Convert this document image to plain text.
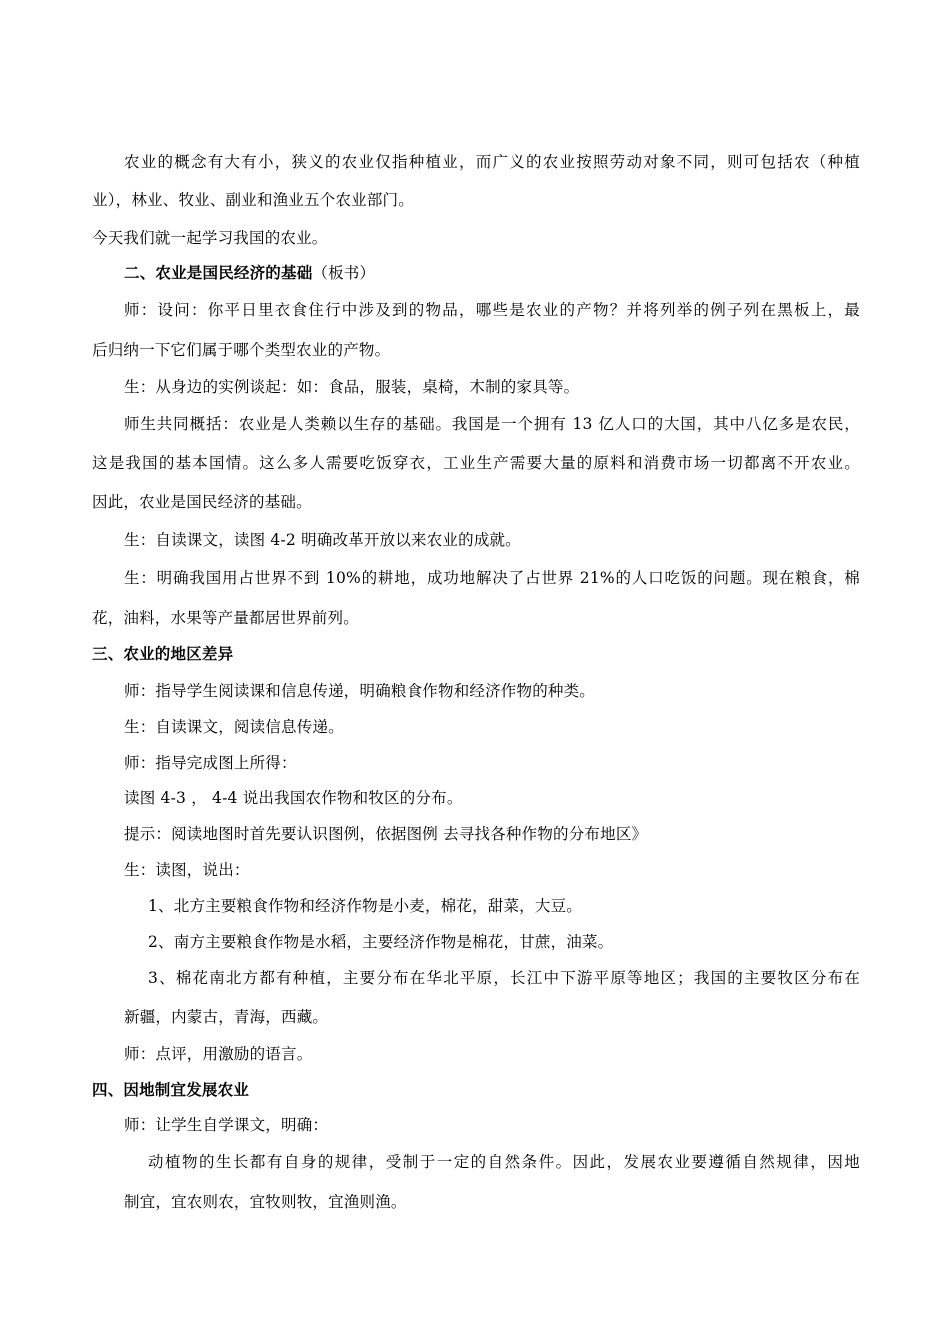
农业的概念有大有小，狭义的农业仅指种植业，而广义的农业按照劳动对象不同，则可包括农（种植
业），林业、牧业、副业和渔业五个农业部门。
今天我们就一起学习我国的农业。
二、农业是国民经济的基础（板书）
师：设问：你平日里衣食住行中涉及到的物品，哪些是农业的产物？并将列举的例子列在黑板上，最
后归纳一下它们属于哪个类型农业的产物。
生：从身边的实例谈起：如：食品，服装，桌椅，木制的家具等。
师生共同概括：农业是人类赖以生存的基础。我国是一个拥有 13 亿人口的大国，其中八亿多是农民，
这是我国的基本国情。这么多人需要吃饭穿衣，工业生产需要大量的原料和消费市场一切都离不开农业。
因此，农业是国民经济的基础。
生：自读课文，读图 4-2 明确改革开放以来农业的成就。
生：明确我国用占世界不到 10%的耕地，成功地解决了占世界 21%的人口吃饭的问题。现在粮食，棉
花，油料，水果等产量都居世界前列。
三、农业的地区差异
师：指导学生阅读课和信息传递，明确粮食作物和经济作物的种类。
生：自读课文，阅读信息传递。
师：指导完成图上所得：
读图 4-3 ， 4-4 说出我国农作物和牧区的分布。
提示：阅读地图时首先要认识图例，依据图例 去寻找各种作物的分布地区》
生：读图，说出：
1、北方主要粮食作物和经济作物是小麦，棉花，甜菜，大豆。
2、南方主要粮食作物是水稻，主要经济作物是棉花，甘蔗，油菜。
3、棉花南北方都有种植，主要分布在华北平原，长江中下游平原等地区；我国的主要牧区分布在
新疆，内蒙古，青海，西藏。
师：点评，用激励的语言。
四、因地制宜发展农业
师：让学生自学课文，明确：
动植物的生长都有自身的规律，受制于一定的自然条件。因此，发展农业要遵循自然规律，因地
制宜，宜农则农，宜牧则牧，宜渔则渔。
